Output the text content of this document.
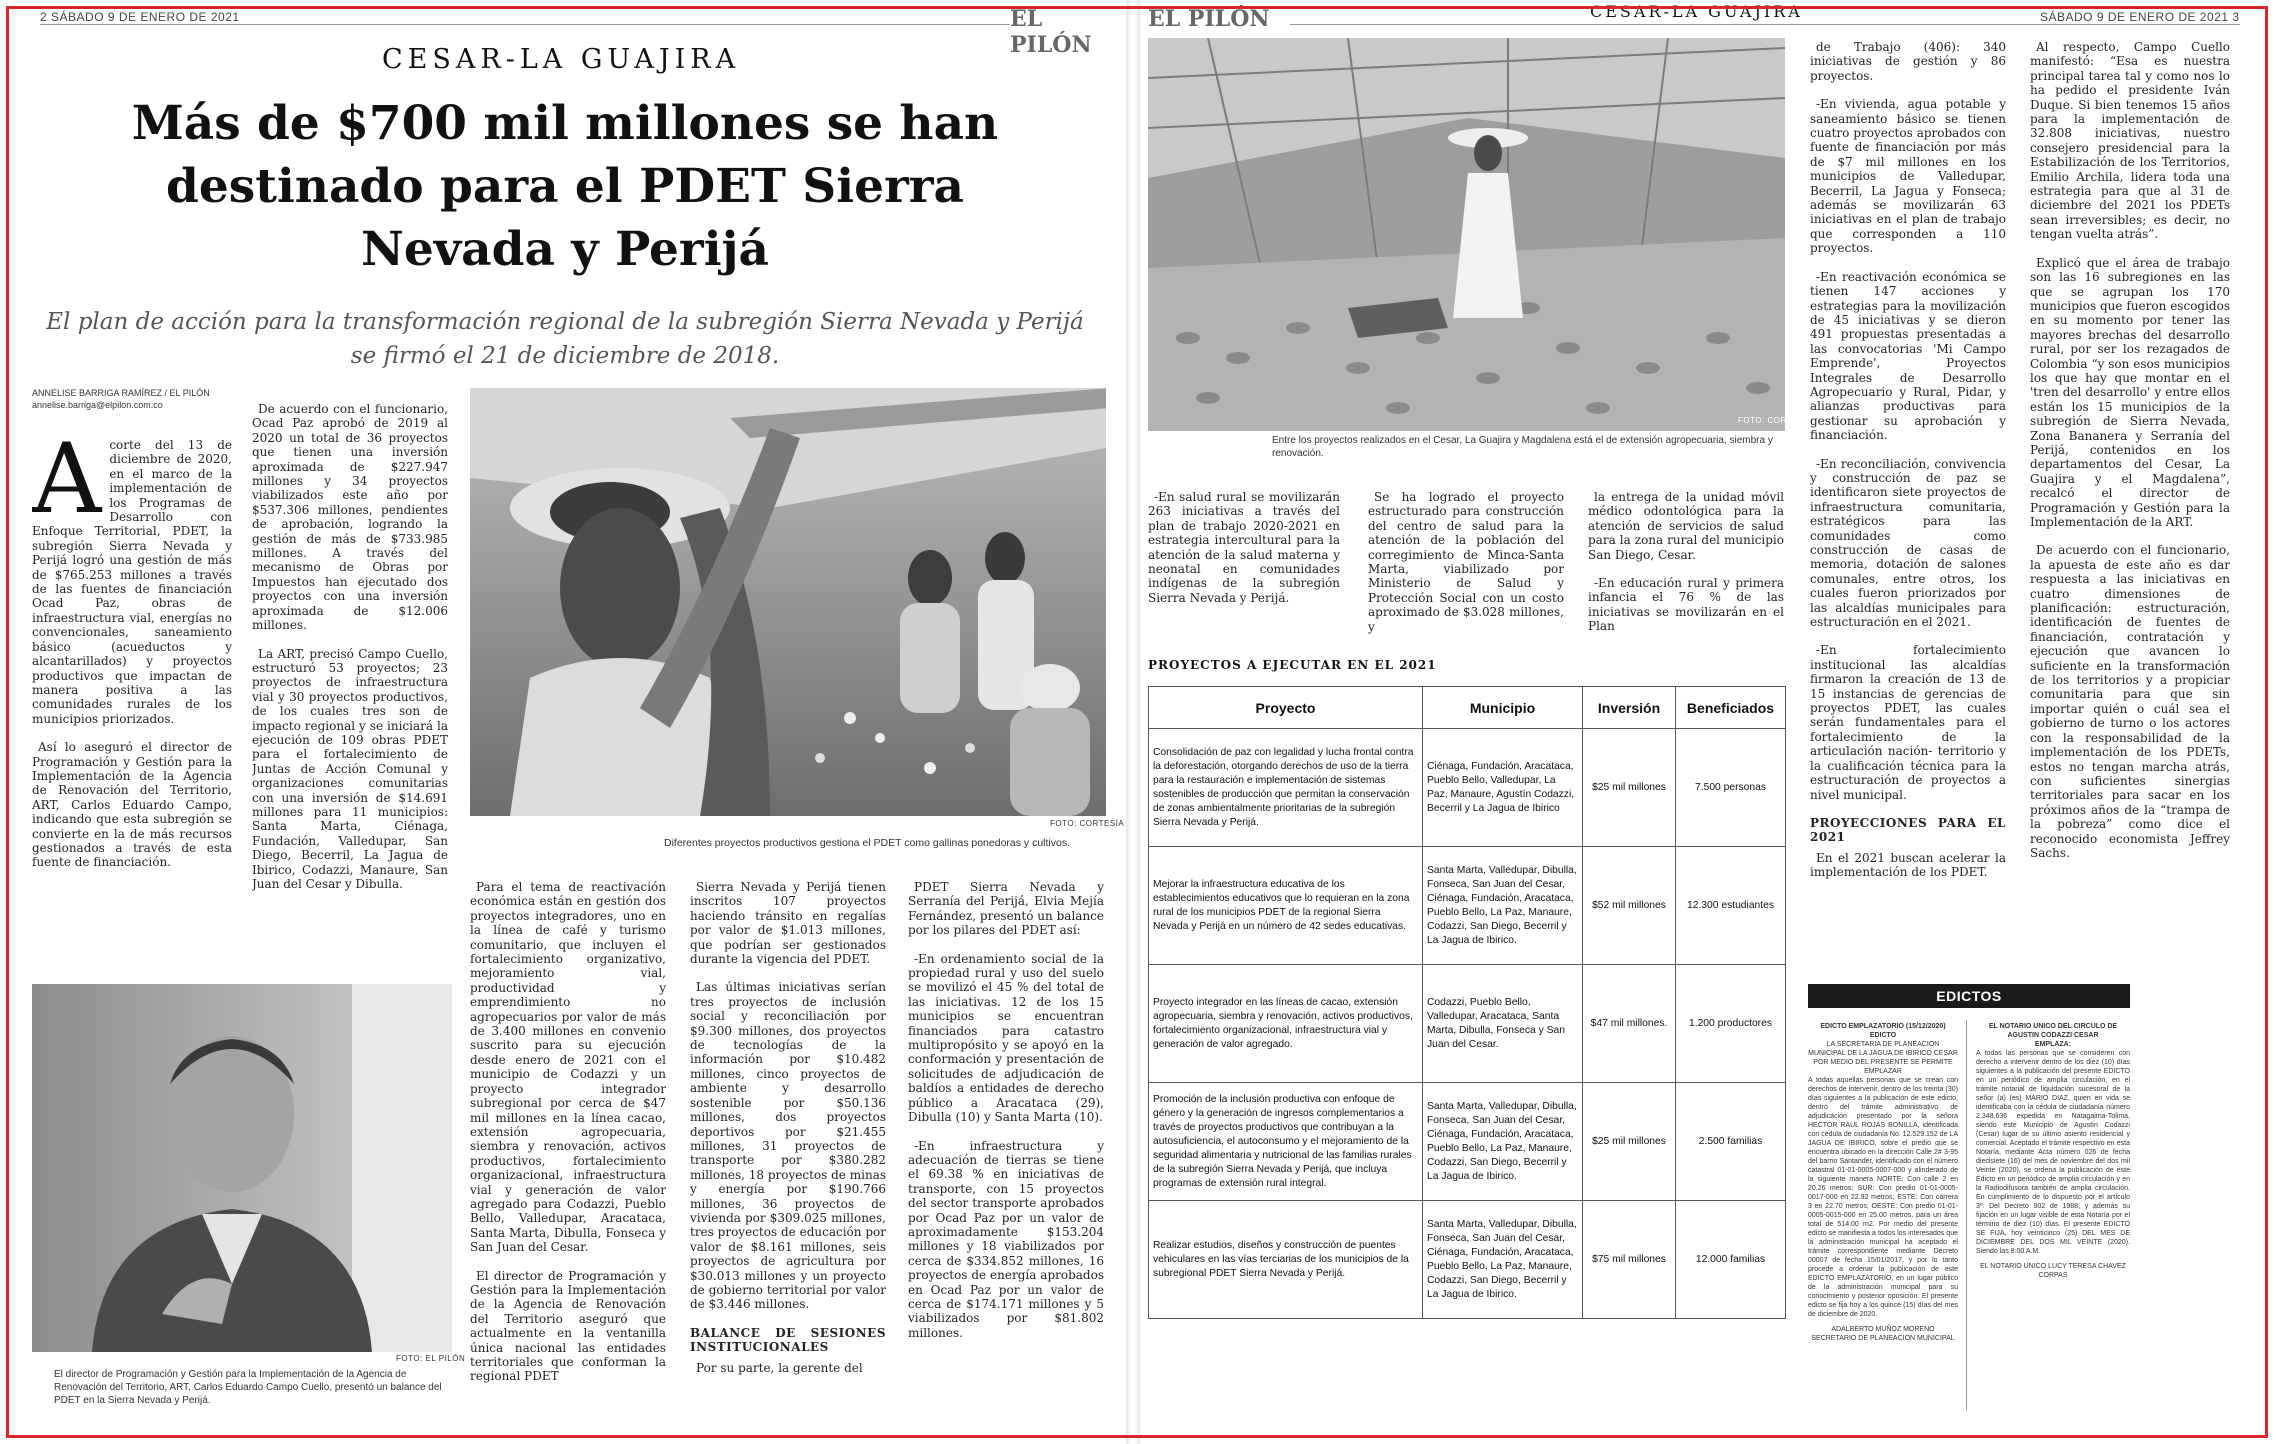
2 SÁBADO 9 DE ENERO DE 2021	EL PILÓN
CESAR-LA GUAJIRA
Más de $700 mil millones se han destinado para el PDET Sierra Nevada y Perijá

El plan de acción para la transformación regional de la subregión Sierra Nevada y Perijá se firmó el 21 de diciembre de 2018.

ANNELISE BARRIGA RAMÍREZ / EL PILÓN
annelise.barriga@elpilon.com.co
A corte del 13 de diciembre de 2020, en el marco de la implementación de los Programas de Desarrollo con Enfoque Territorial, PDET, la subregión Sierra Nevada y Perijá logró una gestión de más de $765.253 millones a través de las fuentes de financiación Ocad Paz, obras de infraestructura vial, energías no convencionales, saneamiento básico (acueductos y alcantarillados) y proyectos productivos que impactan de manera positiva a las comunidades rurales de los municipios priorizados.

Así lo aseguró el director de Programación y Gestión para la Implementación de la Agencia de Renovación del Territorio, ART, Carlos Eduardo Campo, indicando que esta subregión se convierte en la de más recursos gestionados a través de esta fuente de financiación.

De acuerdo con el funcionario, Ocad Paz aprobó de 2019 al 2020 un total de 36 proyectos que tienen una inversión aproximada de $227.947 millones y 34 proyectos viabilizados este año por $537.306 millones, pendientes de aprobación, logrando la gestión de más de $733.985 millones. A través del mecanismo de Obras por Impuestos han ejecutado dos proyectos con una inversión aproximada de $12.006 millones.

La ART, precisó Campo Cuello, estructuró 53 proyectos; 23 proyectos de infraestructura vial y 30 proyectos productivos, de los cuales tres son de impacto regional y se iniciará la ejecución de 109 obras PDET para el fortalecimiento de Juntas de Acción Comunal y organizaciones comunitarias con una inversión de $14.691 millones para 11 municipios: Santa Marta, Ciénaga, Fundación, Valledupar, San Diego, Becerril, La Jagua de Ibirico, Codazzi, Manaure, San Juan del Cesar y Dibulla.

FOTO: CORTESÍA
Diferentes proyectos productivos gestiona el PDET como gallinas ponedoras y cultivos.
FOTO: EL PILÓN
El director de Programación y Gestión para la Implementación de la Agencia de Renovación del Territorio, ART, Carlos Eduardo Campo Cuello, presentó un balance del PDET en la Sierra Nevada y Perijá.

Para el tema de reactivación económica están en gestión dos proyectos integradores, uno en la línea de café y turismo comunitario, que incluyen el fortalecimiento organizativo, mejoramiento vial, productividad y emprendimiento no agropecuarios por valor de más de 3.400 millones en convenio suscrito para su ejecución desde enero de 2021 con el municipio de Codazzi y un proyecto integrador subregional por cerca de $47 mil millones en la línea cacao, extensión agropecuaria, siembra y renovación, activos productivos, fortalecimiento organizacional, infraestructura vial y generación de valor agregado para Codazzi, Pueblo Bello, Valledupar, Aracataca, Santa Marta, Dibulla, Fonseca y San Juan del Cesar.

El director de Programación y Gestión para la Implementación de la Agencia de Renovación del Territorio aseguró que actualmente en la ventanilla única nacional las entidades territoriales que conforman la regional PDET

Sierra Nevada y Perijá tienen inscritos 107 proyectos haciendo tránsito en regalías por valor de $1.013 millones, que podrían ser gestionados durante la vigencia del PDET.

Las últimas iniciativas serían tres proyectos de inclusión social y reconciliación por $9.300 millones, dos proyectos de tecnologías de la información por $10.482 millones, cinco proyectos de ambiente y desarrollo sostenible por $50.136 millones, dos proyectos deportivos por $21.455 millones, 31 proyectos de transporte por $380.282 millones, 18 proyectos de minas y energía por $190.766 millones, 36 proyectos de vivienda por $309.025 millones, tres proyectos de educación por valor de $8.161 millones, seis proyectos de agricultura por $30.013 millones y un proyecto de gobierno territorial por valor de $3.446 millones.

BALANCE DE SESIONES INSTITUCIONALES

Por su parte, la gerente del

PDET Sierra Nevada y Serranía del Perijá, Elvia Mejía Fernández, presentó un balance por los pilares del PDET así:

-En ordenamiento social de la propiedad rural y uso del suelo se movilizó el 45 % del total de las iniciativas. 12 de los 15 municipios se encuentran financiados para catastro multipropósito y se apoyó en la conformación y presentación de solicitudes de adjudicación de baldíos a entidades de derecho público a Aracataca (29), Dibulla (10) y Santa Marta (10).

-En infraestructura y adecuación de tierras se tiene el 69.38 % en iniciativas de transporte, con 15 proyectos del sector transporte aprobados por Ocad Paz por un valor de aproximadamente $153.204 millones y 18 viabilizados por cerca de $334.852 millones, 16 proyectos de energía aprobados en Ocad Paz por un valor de cerca de $174.171 millones y 5 viabilizados por $81.802 millones.

EL PILÓN	SÁBADO 9 DE ENERO DE 2021 3
CESAR-LA GUAJIRA
FOTO: CORTESÍA
Entre los proyectos realizados en el Cesar, La Guajira y Magdalena está el de extensión agropecuaria, siembra y renovación.

-En salud rural se movilizarán 263 iniciativas a través del plan de trabajo 2020-2021 en estrategia intercultural para la atención de la salud materna y neonatal en comunidades indígenas de la subregión Sierra Nevada y Perijá.

Se ha logrado el proyecto estructurado para construcción del centro de salud para la atención de la población del corregimiento de Minca-Santa Marta, viabilizado por Ministerio de Salud y Protección Social con un costo aproximado de $3.028 millones, y

la entrega de la unidad móvil médico odontológica para la atención de servicios de salud para la zona rural del municipio San Diego, Cesar.

-En educación rural y primera infancia el 76 % de las iniciativas se movilizarán en el Plan

PROYECTOS A EJECUTAR EN EL 2021
Proyecto	Municipio	Inversión	Beneficiados
Consolidación de paz con legalidad y lucha frontal contra la deforestación, otorgando derechos de uso de la tierra para la restauración e implementación de sistemas sostenibles de producción que permitan la conservación de zonas ambientalmente prioritarias de la subregión Sierra Nevada y Perijá.	Ciénaga, Fundación, Aracataca, Pueblo Bello, Valledupar, La Paz, Manaure, Agustín Codazzi, Becerril y La Jagua de Ibirico	$25 mil millones	7.500 personas
Mejorar la infraestructura educativa de los establecimientos educativos que lo requieran en la zona rural de los municipios PDET de la regional Sierra Nevada y Perijá en un número de 42 sedes educativas.	Santa Marta, Valledupar, Dibulla, Fonseca, San Juan del Cesar, Ciénaga, Fundación, Aracataca, Pueblo Bello, La Paz, Manaure, Codazzi, San Diego, Becerril y La Jagua de Ibirico.	$52 mil millones	12.300 estudiantes
Proyecto integrador en las líneas de cacao, extensión agropecuaria, siembra y renovación, activos productivos, fortalecimiento organizacional, infraestructura vial y generación de valor agregado.	Codazzi, Pueblo Bello, Valledupar, Aracataca, Santa Marta, Dibulla, Fonseca y San Juan del Cesar.	$47 mil millones.	1.200 productores
Promoción de la inclusión productiva con enfoque de género y la generación de ingresos complementarios a través de proyectos productivos que contribuyan a la autosuficiencia, el autoconsumo y el mejoramiento de la seguridad alimentaria y nutricional de las familias rurales de la subregión Sierra Nevada y Perijá, que incluya programas de extensión rural integral.	Santa Marta, Valledupar, Dibulla, Fonseca, San Juan del Cesar, Ciénaga, Fundación, Aracataca, Pueblo Bello, La Paz, Manaure, Codazzi, San Diego, Becerril y La Jagua de Ibirico.	$25 mil millones	2.500 familias
Realizar estudios, diseños y construcción de puentes vehiculares en las vías terciarias de los municipios de la subregional PDET Sierra Nevada y Perijá.	Santa Marta, Valledupar, Dibulla, Fonseca, San Juan del Cesar, Ciénaga, Fundación, Aracataca, Pueblo Bello, La Paz, Manaure, Codazzi, San Diego, Becerril y La Jagua de Ibirico.	$75 mil millones	12.000 familias

de Trabajo (406): 340 iniciativas de gestión y 86 proyectos.

-En vivienda, agua potable y saneamiento básico se tienen cuatro proyectos aprobados con fuente de financiación por más de $7 mil millones en los municipios de Valledupar, Becerril, La Jagua y Fonseca; además se movilizarán 63 iniciativas en el plan de trabajo que corresponden a 110 proyectos.

-En reactivación económica se tienen 147 acciones y estrategias para la movilización de 45 iniciativas y se dieron 491 propuestas presentadas a las convocatorias 'Mi Campo Emprende', Proyectos Integrales de Desarrollo Agropecuario y Rural, Pidar, y alianzas productivas para gestionar su aprobación y financiación.

-En reconciliación, convivencia y construcción de paz se identificaron siete proyectos de infraestructura comunitaria, estratégicos para las comunidades como construcción de casas de memoria, dotación de salones comunales, entre otros, los cuales fueron priorizados por las alcaldías municipales para estructuración en el 2021.

-En fortalecimiento institucional las alcaldías firmaron la creación de 13 de 15 instancias de gerencias de proyectos PDET, las cuales serán fundamentales para el fortalecimiento de la articulación nación- territorio y la cualificación técnica para la estructuración de proyectos a nivel municipal.

PROYECCIONES PARA EL 2021

En el 2021 buscan acelerar la implementación de los PDET.

Al respecto, Campo Cuello manifestó: “Esa es nuestra principal tarea tal y como nos lo ha pedido el presidente Iván Duque. Si bien tenemos 15 años para la implementación de 32.808 iniciativas, nuestro consejero presidencial para la Estabilización de los Territorios, Emilio Archila, lidera toda una estrategia para que al 31 de diciembre del 2021 los PDETs sean irreversibles; es decir, no tengan vuelta atrás”.

Explicó que el área de trabajo son las 16 subregiones en las que se agrupan los 170 municipios que fueron escogidos en su momento por tener las mayores brechas del desarrollo rural, por ser los rezagados de Colombia “y son esos municipios los que hay que montar en el 'tren del desarrollo' y entre ellos están los 15 municipios de la subregión de Sierra Nevada, Zona Bananera y Serranía del Perijá, contenidos en los departamentos del Cesar, La Guajira y el Magdalena”, recalcó el director de Programación y Gestión para la Implementación de la ART.

De acuerdo con el funcionario, la apuesta de este año es dar respuesta a las iniciativas en cuatro dimensiones de planificación: estructuración, identificación de fuentes de financiación, contratación y ejecución que avancen lo suficiente en la transformación de los territorios y a propiciar comunitaria para que sin importar quién o cuál sea el gobierno de turno o los actores con la responsabilidad de la implementación de los PDETs, estos no tengan marcha atrás, con suficientes sinergias territoriales para sacar en los próximos años de la “trampa de la pobreza” como dice el reconocido economista Jeffrey Sachs.

EDICTOS
EDICTO EMPLAZATORIO (15/12/2020) EDICTO
LA SECRETARIA DE PLANEACION MUNICIPAL DE LA JAGUA DE IBIRICO CESAR POR MEDIO DEL PRESENTE SE PERMITE EMPLAZAR
A todas aquellas personas que se crean con derechos de intervenir, dentro de los treinta (30) días siguientes a la publicación de este edicto, dentro del trámite administrativo de adjudicación presentado por la señora HECTOR RAUL ROJAS BONILLA, identificada con cédula de ciudadanía No. 12.529.152 de LA JAGUA DE IBIRICO, sobre el predio que se encuentra ubicado en la dirección Calle 2# 3-95 del barrio Santander, identificado con el número catastral 01-01-0005-0007-000 y alinderado de la siguiente manera NORTE: Con calle 2 en 20.26 metros; SUR: Con predio 01-01-0005-0017-000 en 22.92 metros; ESTE: Con carrera 3 en 22.70 metros; OESTE: Con predio 01-01-0005-0015-000 en 25.00 metros, para un área total de 514.00 m2. Por medio del presente edicto se manifiesta a todos los interesados que la administración municipal ha aceptado el trámite correspondiente mediante Decreto 00007 de fecha 15/01/2017, y por lo tanto procede a ordenar la publicación de este EDICTO EMPLAZATORIO, en un lugar público de la administración municipal para su conocimiento y posterior oposición. El presente edicto se fija hoy a los quince (15) días del mes de diciembre de 2020.
ADALBERTO MUÑOZ MORENO SECRETARIO DE PLANEACION MUNICIPAL
EL NOTARIO UNICO DEL CIRCULO DE AGUSTIN CODAZZI CESAR
EMPLAZA:
A todas las personas que se consideren con derecho a intervenir dentro de los diez (10) días siguientes a la publicación del presente EDICTO en un periódico de amplia circulación, en el trámite notarial de liquidación sucesoral de la señor (a) (es) MARIO DIAZ, quien en vida se identificaba con la cédula de ciudadanía número 2.348.636 expedida en Natagaima-Tolima, siendo este Municipio de Agustín Codazzi (Cesar) lugar de su último asiento residencial y comercial. Aceptado el trámite respectivo en esta Notaría, mediante Acta número 026 de fecha diecisiete (16) del mes de noviembre del dos mil Veinte (2020), se ordena la publicación de este Edicto en un periódico de amplia circulación y en la Radiodifusora también de amplia circulación. En cumplimiento de lo dispuesto por el artículo 3º. Del Decreto 902 de 1988, y además su fijación en un lugar visible de esta Notaría por el término de diez (10) días. El presente EDICTO SE FIJA, hoy veinticinco (25) DEL MES DE DICIEMBRE DEL DOS MIL VEINTE (2020). Siendo las 8:00 A.M.
EL NOTARIO UNICO LUCY TERESA CHAVEZ CORPAS
